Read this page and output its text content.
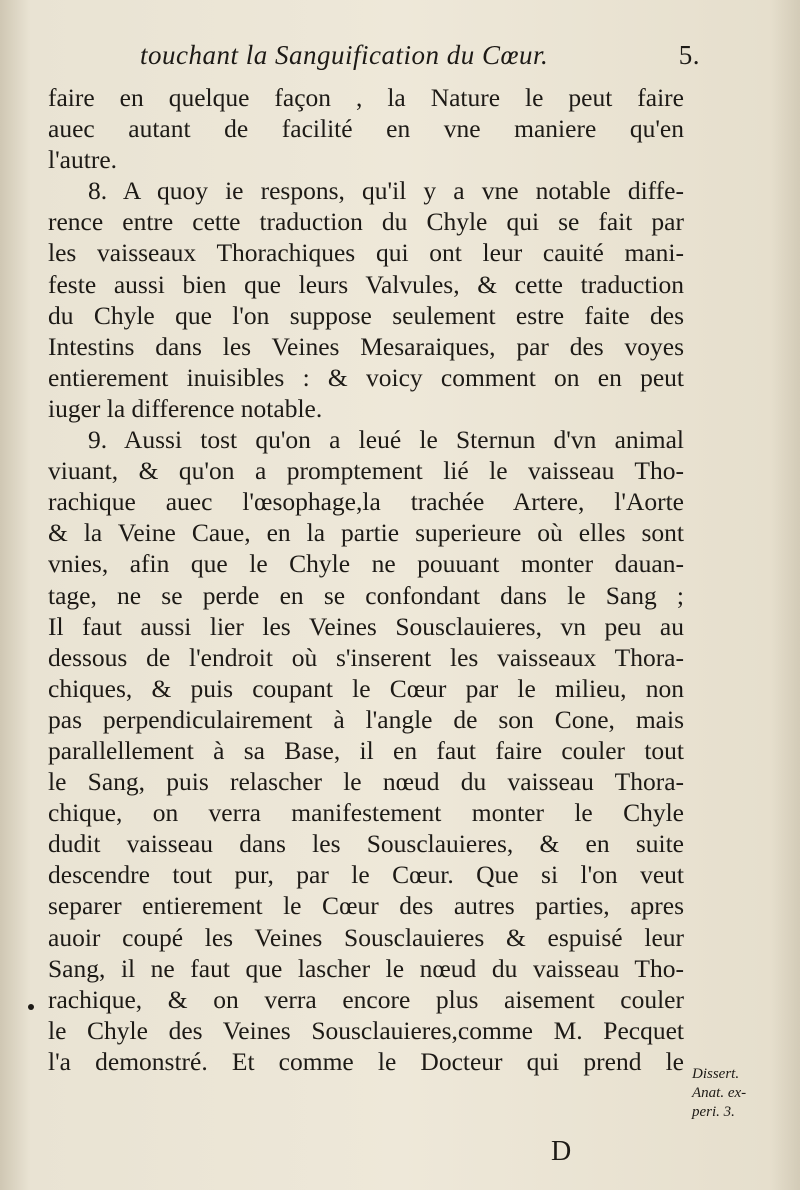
touchant la Sanguification du Cœur.	5.
faire en quelque façon , la Nature le peut faire
auec autant de facilité en vne maniere qu'en
l'autre.
8. A quoy ie respons, qu'il y a vne notable diffe-
rence entre cette traduction du Chyle qui se fait par
les vaisseaux Thorachiques qui ont leur cauité mani-
feste aussi bien que leurs Valvules, & cette traduction
du Chyle que l'on suppose seulement estre faite des
Intestins dans les Veines Mesaraiques, par des voyes
entierement inuisibles : & voicy comment on en peut
iuger la difference notable.
9. Aussi tost qu'on a leué le Sternun d'vn animal
viuant, & qu'on a promptement lié le vaisseau Tho-
rachique auec l'œsophage,la trachée Artere, l'Aorte
& la Veine Caue, en la partie superieure où elles sont
vnies, afin que le Chyle ne pouuant monter dauan-
tage, ne se perde en se confondant dans le Sang ;
Il faut aussi lier les Veines Sousclauieres, vn peu au
dessous de l'endroit où s'inserent les vaisseaux Thora-
chiques, & puis coupant le Cœur par le milieu, non
pas perpendiculairement à l'angle de son Cone, mais
parallellement à sa Base, il en faut faire couler tout
le Sang, puis relascher le nœud du vaisseau Thora-
chique, on verra manifestement monter le Chyle
dudit vaisseau dans les Sousclauieres, & en suite
descendre tout pur, par le Cœur. Que si l'on veut
separer entierement le Cœur des autres parties, apres
auoir coupé les Veines Sousclauieres & espuisé leur
Sang, il ne faut que lascher le nœud du vaisseau Tho-
rachique, & on verra encore plus aisement couler
le Chyle des Veines Sousclauieres,comme M. Pecquet
l'a demonstré. Et comme le Docteur qui prend le Dissert.
Anat. ex-
peri. 3.
D
